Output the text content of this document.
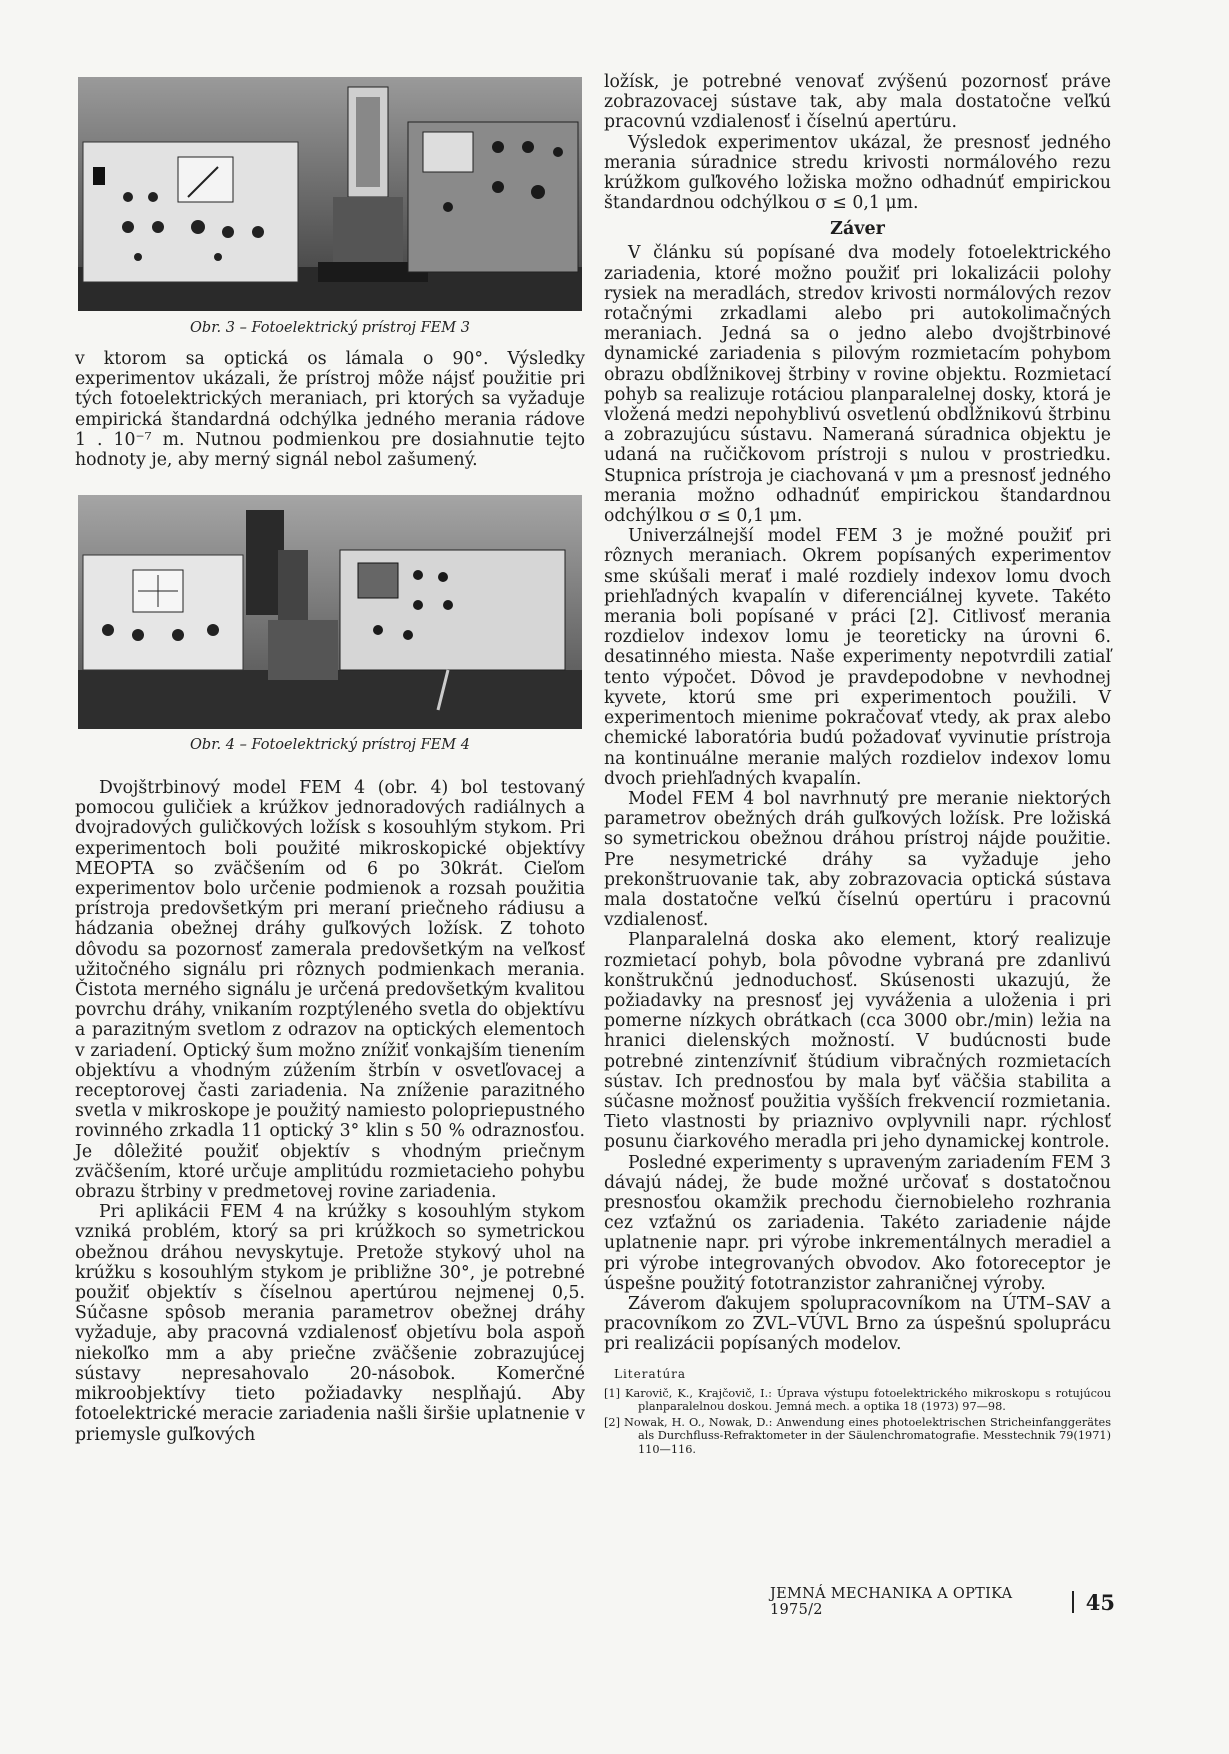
Obr. 3 – Fotoelektrický prístroj FEM 3

v ktorom sa optická os lámala o 90°. Výsledky experimentov ukázali, že prístroj môže nájsť použitie pri tých fotoelektrických meraniach, pri ktorých sa vyžaduje empirická štandardná odchýlka jedného merania rádove 1 . 10⁻⁷ m. Nutnou podmienkou pre dosiahnutie tejto hodnoty je, aby merný signál nebol zašumený.

Obr. 4 – Fotoelektrický prístroj FEM 4

Dvojštrbinový model FEM 4 (obr. 4) bol testovaný pomocou guličiek a krúžkov jednoradových radiálnych a dvojradových guličkových ložísk s kosouhlým stykom. Pri experimentoch boli použité mikroskopické objektívy MEOPTA so zväčšením od 6 po 30krát. Cieľom experimentov bolo určenie podmienok a rozsah použitia prístroja predovšetkým pri meraní priečneho rádiusu a hádzania obežnej dráhy guľkových ložísk. Z tohoto dôvodu sa pozornosť zamerala predovšetkým na veľkosť užitočného signálu pri rôznych podmienkach merania. Čistota merného signálu je určená predovšetkým kvalitou povrchu dráhy, vnikaním rozptýleného svetla do objektívu a parazitným svetlom z odrazov na optických elementoch v zariadení. Optický šum možno znížiť vonkajším tienením objektívu a vhodným zúžením štrbín v osvetľovacej a receptorovej časti zariadenia. Na zníženie parazitného svetla v mikroskope je použitý namiesto polopriepustného rovinného zrkadla 11 optický 3° klin s 50 % odraznosťou. Je dôležité použiť objektív s vhodným priečnym zväčšením, ktoré určuje amplitúdu rozmietacieho pohybu obrazu štrbiny v predmetovej rovine zariadenia.

Pri aplikácii FEM 4 na krúžky s kosouhlým stykom vzniká problém, ktorý sa pri krúžkoch so symetrickou obežnou dráhou nevyskytuje. Pretože stykový uhol na krúžku s kosouhlým stykom je približne 30°, je potrebné použiť objektív s číselnou apertúrou nejmenej 0,5. Súčasne spôsob merania parametrov obežnej dráhy vyžaduje, aby pracovná vzdialenosť objetívu bola aspoň niekoľko mm a aby priečne zväčšenie zobrazujúcej sústavy nepresahovalo 20-násobok. Komerčné mikroobjektívy tieto požiadavky nesplňajú. Aby fotoelektrické meracie zariadenia našli širšie uplatnenie v priemysle guľkových

ložísk, je potrebné venovať zvýšenú pozornosť práve zobrazovacej sústave tak, aby mala dostatočne veľkú pracovnú vzdialenosť i číselnú apertúru.

Výsledok experimentov ukázal, že presnosť jedného merania súradnice stredu krivosti normálového rezu krúžkom guľkového ložiska možno odhadnúť empirickou štandardnou odchýlkou σ ≤ 0,1 μm.

Záver

V článku sú popísané dva modely fotoelektrického zariadenia, ktoré možno použiť pri lokalizácii polohy rysiek na meradlách, stredov krivosti normálových rezov rotačnými zrkadlami alebo pri autokolimačných meraniach. Jedná sa o jedno alebo dvojštrbinové dynamické zariadenia s pilovým rozmietacím pohybom obrazu obdĺžnikovej štrbiny v rovine objektu. Rozmietací pohyb sa realizuje rotáciou planparalelnej dosky, ktorá je vložená medzi nepohyblivú osvetlenú obdĺžnikovú štrbinu a zobrazujúcu sústavu. Nameraná súradnica objektu je udaná na ručičkovom prístroji s nulou v prostriedku. Stupnica prístroja je ciachovaná v μm a presnosť jedného merania možno odhadnúť empirickou štandardnou odchýlkou σ ≤ 0,1 μm.

Univerzálnejší model FEM 3 je možné použiť pri rôznych meraniach. Okrem popísaných experimentov sme skúšali merať i malé rozdiely indexov lomu dvoch priehľadných kvapalín v diferenciálnej kyvete. Takéto merania boli popísané v práci [2]. Citlivosť merania rozdielov indexov lomu je teoreticky na úrovni 6. desatinného miesta. Naše experimenty nepotvrdili zatiaľ tento výpočet. Dôvod je pravdepodobne v nevhodnej kyvete, ktorú sme pri experimentoch použili. V experimentoch mienime pokračovať vtedy, ak prax alebo chemické laboratória budú požadovať vyvinutie prístroja na kontinuálne meranie malých rozdielov indexov lomu dvoch priehľadných kvapalín.

Model FEM 4 bol navrhnutý pre meranie niektorých parametrov obežných dráh guľkových ložísk. Pre ložiská so symetrickou obežnou dráhou prístroj nájde použitie. Pre nesymetrické dráhy sa vyžaduje jeho prekonštruovanie tak, aby zobrazovacia optická sústava mala dostatočne veľkú číselnú opertúru i pracovnú vzdialenosť.

Planparalelná doska ako element, ktorý realizuje rozmietací pohyb, bola pôvodne vybraná pre zdanlivú konštrukčnú jednoduchosť. Skúsenosti ukazujú, že požiadavky na presnosť jej vyváženia a uloženia i pri pomerne nízkych obrátkach (cca 3000 obr./min) ležia na hranici dielenských možností. V budúcnosti bude potrebné zintenzívniť štúdium vibračných rozmietacích sústav. Ich prednosťou by mala byť väčšia stabilita a súčasne možnosť použitia vyšších frekvencií rozmietania. Tieto vlastnosti by priaznivo ovplyvnili napr. rýchlosť posunu čiarkového meradla pri jeho dynamickej kontrole.

Posledné experimenty s upraveným zariadením FEM 3 dávajú nádej, že bude možné určovať s dostatočnou presnosťou okamžik prechodu čiernobieleho rozhrania cez vzťažnú os zariadenia. Takéto zariadenie nájde uplatnenie napr. pri výrobe inkrementálnych meradiel a pri výrobe integrovaných obvodov. Ako fotoreceptor je úspešne použitý fototranzistor zahraničnej výroby.

Záverom ďakujem spolupracovníkom na ÚTM–SAV a pracovníkom zo ZVL–VÚVL Brno za úspešnú spoluprácu pri realizácii popísaných modelov.

Literatúra

[1] Karovič, K., Krajčovič, I.: Úprava výstupu fotoelektrického mikroskopu s rotujúcou planparalelnou doskou. Jemná mech. a optika 18 (1973) 97—98.

[2] Nowak, H. O., Nowak, D.: Anwendung eines photoelektrischen Stricheinfanggerätes als Durchfluss-Refraktometer in der Säulenchromatografie. Messtechnik 79(1971) 110—116.

JEMNÁ MECHANIKA A OPTIKA 1975/2	45
